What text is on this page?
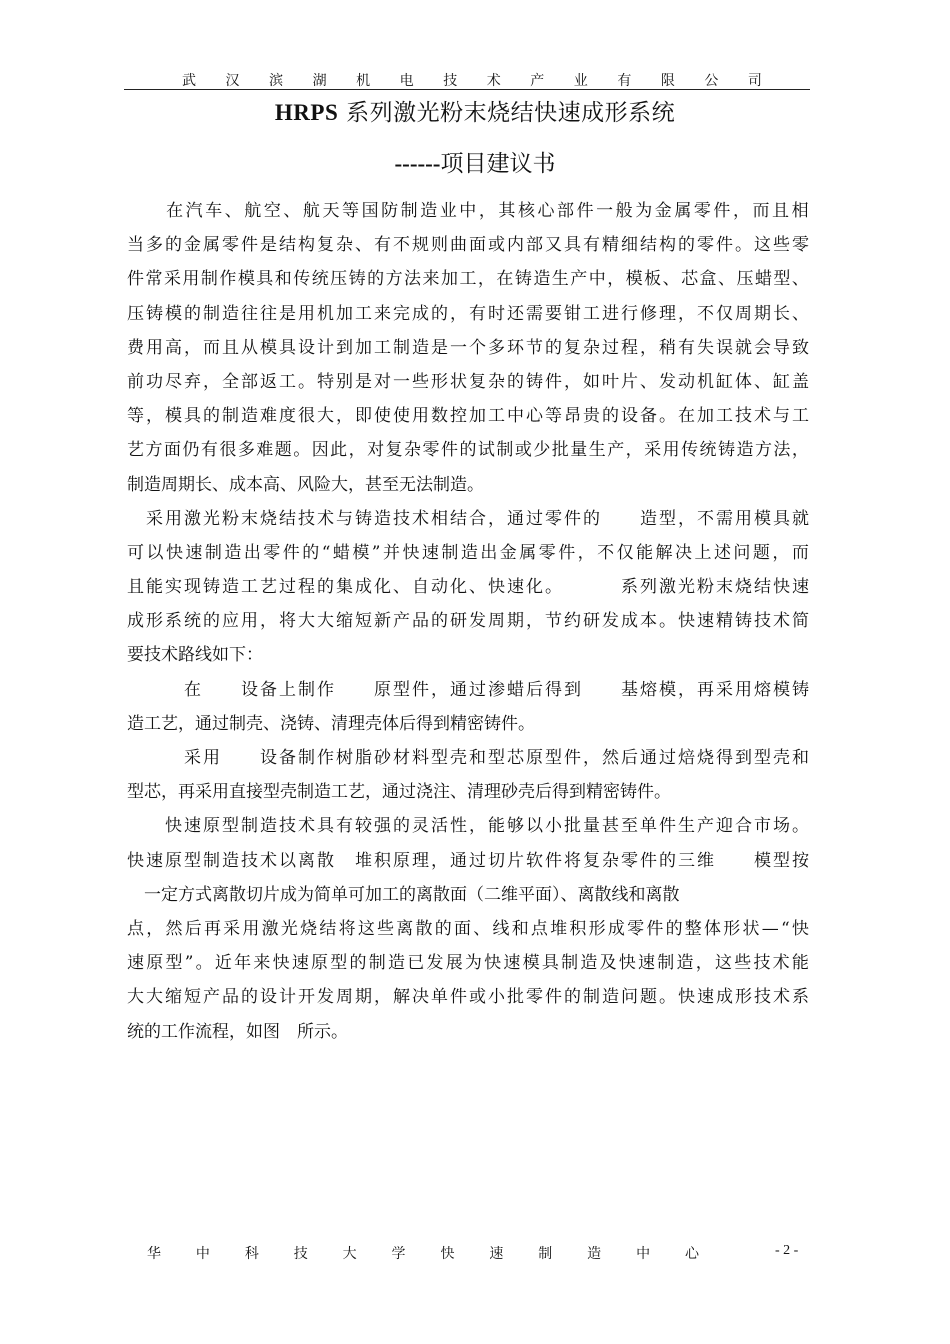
武 汉 滨 湖 机 电 技 术 产 业 有 限 公 司
HRPS 系列激光粉末烧结快速成形系统
------项目建议书

在 汽 车 、 航 空 、 航 天 等 国 防 制 造 业 中 ， 其 核 心 部 件 一 般 为 金 属 零 件 ， 而 且 相
当 多 的 金 属 零 件 是 结 构 复 杂 、 有 不 规 则 曲 面 或 内 部 又 具 有 精 细 结 构 的 零 件 。 这 些 零
件 常 采 用 制 作 模 具 和 传 统 压 铸 的 方 法 来 加 工 ， 在 铸 造 生 产 中 ， 模 板 、 芯 盒 、 压 蜡 型 、
压 铸 模 的 制 造 往 往 是 用 机 加 工 来 完 成 的 ， 有 时 还 需 要 钳 工 进 行 修 理 ， 不 仅 周 期 长 、
费 用 高 ， 而 且 从 模 具 设 计 到 加 工 制 造 是 一 个 多 环 节 的 复 杂 过 程 ， 稍 有 失 误 就 会 导 致
前 功 尽 弃 ， 全 部 返 工 。 特 别 是 对 一 些 形 状 复 杂 的 铸 件 ， 如 叶 片 、 发 动 机 缸 体 、 缸 盖
等 ， 模 具 的 制 造 难 度 很 大 ， 即 使 使 用 数 控 加 工 中 心 等 昂 贵 的 设 备 。 在 加 工 技 术 与 工
艺 方 面 仍 有 很 多 难 题 。 因 此 ， 对 复 杂 零 件 的 试 制 或 少 批 量 生 产 ， 采 用 传 统 铸 造 方 法 ，
制造周期长、成本高、风险大，甚至无法制造。

采 用 激 光 粉 末 烧 结 技 术 与 铸 造 技 术 相 结 合 ， 通 过 零 件 的

　 造 型 ， 不 需 用 模 具 就
可 以 快 速 制 造 出 零 件 的 “ 蜡 模 ” 并 快 速 制 造 出 金 属 零 件 ， 不 仅 能 解 决 上 述 问 题 ， 而
且 能 实 现 铸 造 工 艺 过 程 的 集 成 化 、 自 动 化 、 快 速 化 。

　	系 列 激 光 粉 末 烧 结 快 速
成 形 系 统 的 应 用 ， 将 大 大 缩 短 新 产 品 的 研 发 周 期 ， 节 约 研 发 成 本 。 快 速 精 铸 技 术 简
要技术路线如下：

在

　 设 备 上 制 作

　 原 型 件 ， 通 过 渗 蜡 后 得 到

　 基 熔 模 ， 再 采 用 熔 模 铸
造工艺，通过制壳、浇铸、清理壳体后得到精密铸件。

采 用

　 设 备 制 作 树 脂 砂 材 料 型 壳 和 型 芯 原 型 件 ， 然 后 通 过 焙 烧 得 到 型 壳 和
型芯，再采用直接型壳制造工艺，通过浇注、清理砂壳后得到精密铸件。

快 速 原 型 制 造 技 术 具 有 较 强 的 灵 活 性 ， 能 够 以 小 批 量 甚 至 单 件 生 产 迎 合 市 场 。
快 速 原 型 制 造 技 术 以 离 散
　 堆 积 原 理 ， 通 过 切 片 软 件 将 复 杂 零 件 的 三 维

　 模 型 按
　一定方式离散切片成为简单可加工的离散面（二维平面）、离散线和离散
点 ， 然 后 再 采 用 激 光 烧 结 将 这 些 离 散 的 面 、 线 和 点 堆 积 形 成 零 件 的 整 体 形 状 — “ 快
速 原 型 ” 。 近 年 来 快 速 原 型 的 制 造 已 发 展 为 快 速 模 具 制 造 及 快 速 制 造 ， 这 些 技 术 能
大 大 缩 短 产 品 的 设 计 开 发 周 期 ， 解 决 单 件 或 小 批 零 件 的 制 造 问 题 。 快 速 成 形 技 术 系
统的工作流程，如图　所示。
华 中 科 技 大 学 快 速 制 造 中 心	- 2 -
